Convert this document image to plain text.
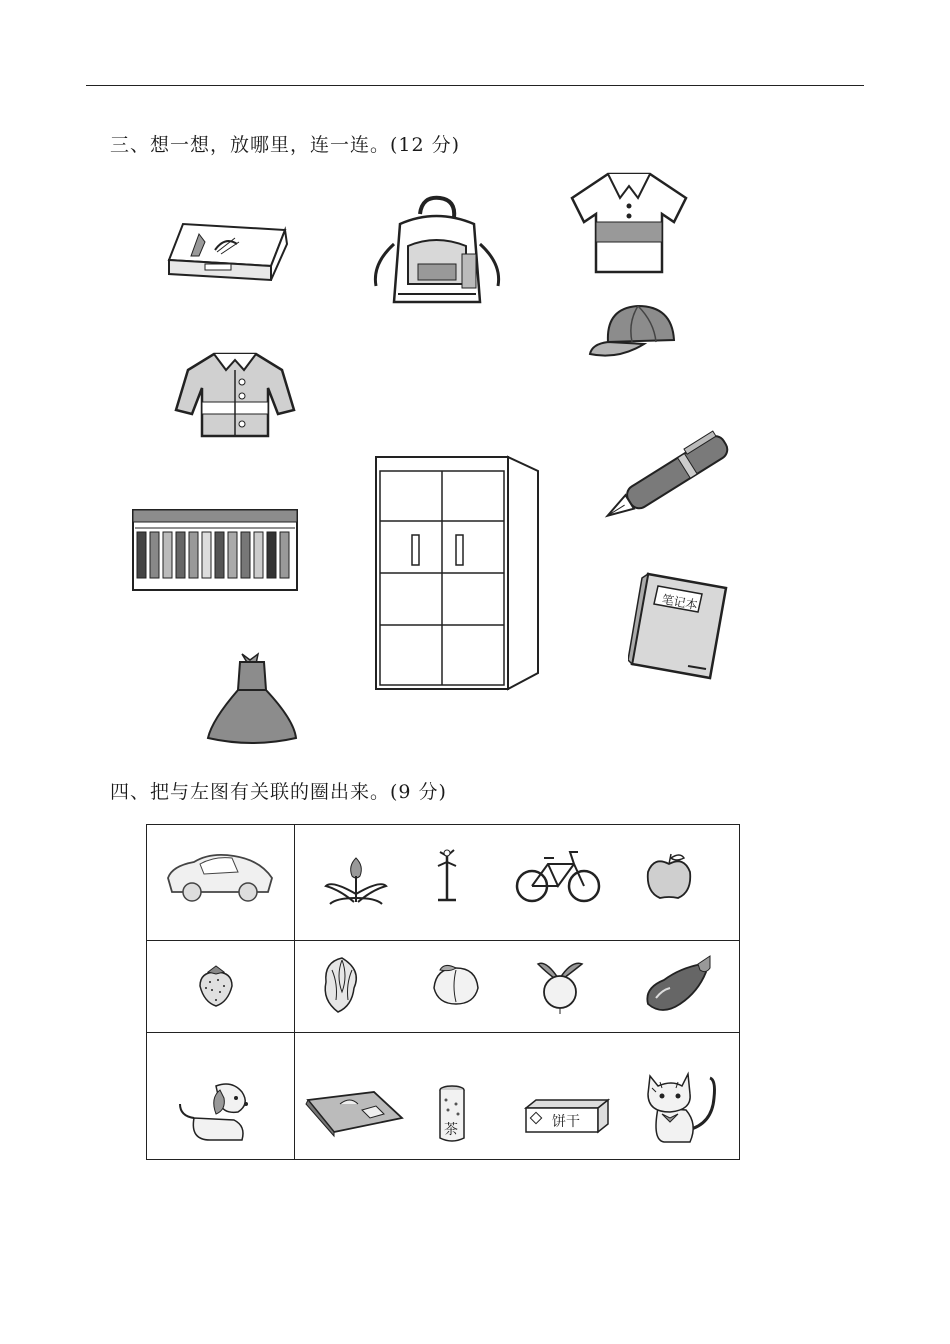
三、想一想，放哪里，连一连。(12 分)
笔记本
四、把与左图有关联的圈出来。(9 分)
茶	饼干
